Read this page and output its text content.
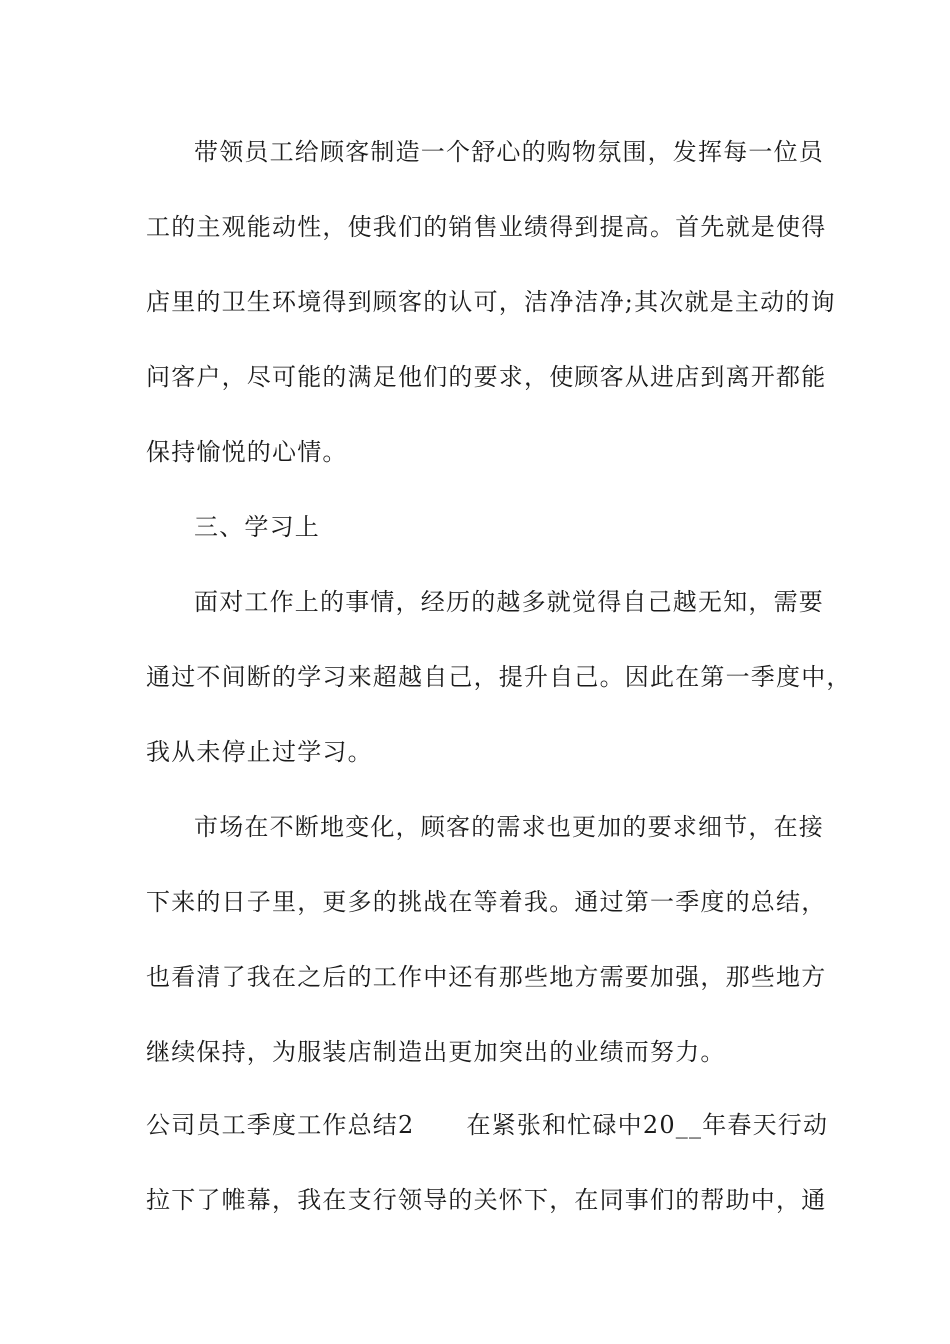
带领员工给顾客制造一个舒心的购物氛围，发挥每一位员
工的主观能动性，使我们的销售业绩得到提高。首先就是使得
店里的卫生环境得到顾客的认可，洁净洁净;其次就是主动的询
问客户，尽可能的满足他们的要求，使顾客从进店到离开都能
保持愉悦的心情。
三、学习上
面对工作上的事情，经历的越多就觉得自己越无知，需要
通过不间断的学习来超越自己，提升自己。因此在第一季度中，
我从未停止过学习。
市场在不断地变化，顾客的需求也更加的要求细节，在接
下来的日子里，更多的挑战在等着我。通过第一季度的总结，
也看清了我在之后的工作中还有那些地方需要加强，那些地方
继续保持，为服装店制造出更加突出的业绩而努力。
公司员工季度工作总结2 在紧张和忙碌中20__年春天行动
拉下了帷幕，我在支行领导的关怀下，在同事们的帮助中，通
